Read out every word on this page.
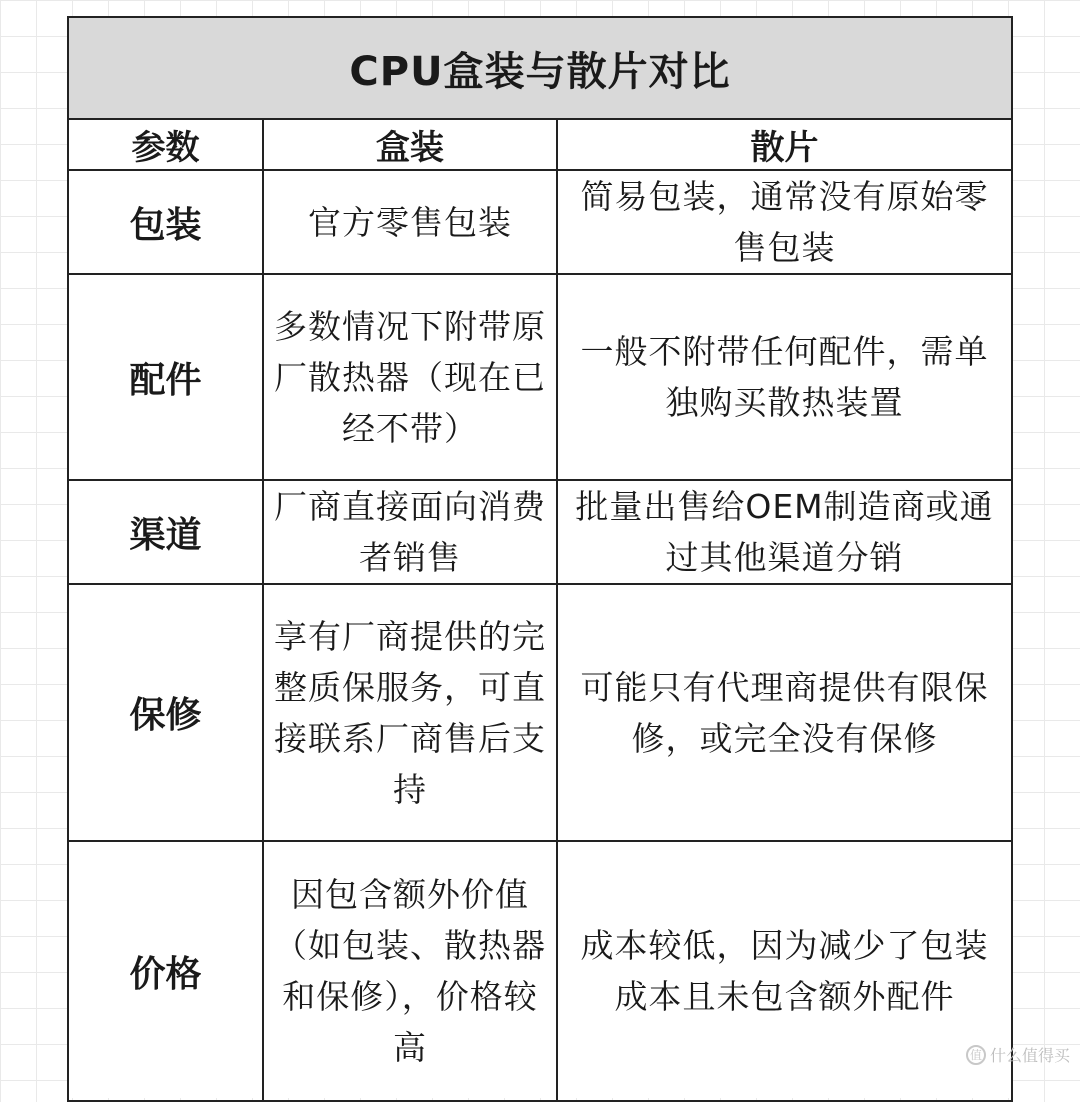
CPU盒装与散片对比		
参数	盒装	散片
包装	官方零售包装	简易包装，通常没有原始零售包装
配件	多数情况下附带原厂散热器（现在已经不带）	一般不附带任何配件，需单独购买散热装置
渠道	厂商直接面向消费者销售	批量出售给OEM制造商或通过其他渠道分销
保修	享有厂商提供的完整质保服务，可直接联系厂商售后支持	可能只有代理商提供有限保修，或完全没有保修
价格	因包含额外价值（如包装、散热器和保修），价格较高	成本较低，因为减少了包装成本且未包含额外配件
值 什么值得买
